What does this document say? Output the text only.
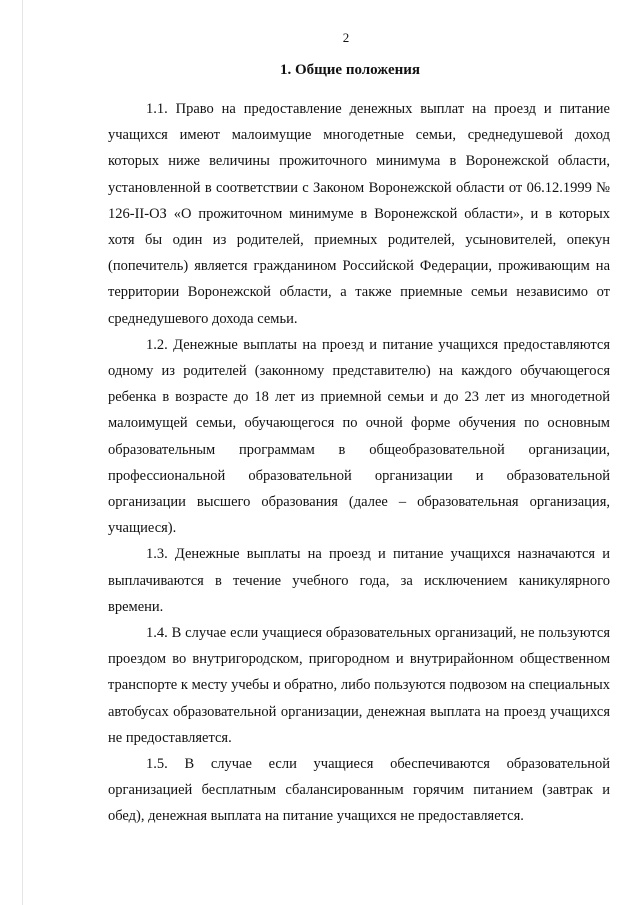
2
1. Общие положения

1.1. Право на предоставление денежных выплат на проезд и питание учащихся имеют малоимущие многодетные семьи, среднедушевой доход которых ниже величины прожиточного минимума в Воронежской области, установленной в соответствии с Законом Воронежской области от 06.12.1999 № 126-II-ОЗ «О прожиточном минимуме в Воронежской области», и в которых хотя бы один из родителей, приемных родителей, усыновителей, опекун (попечитель) является гражданином Российской Федерации, проживающим на территории Воронежской области, а также приемные семьи независимо от среднедушевого дохода семьи.

1.2. Денежные выплаты на проезд и питание учащихся предоставляются одному из родителей (законному представителю) на каждого обучающегося ребенка в возрасте до 18 лет из приемной семьи и до 23 лет из многодетной малоимущей семьи, обучающегося по очной форме обучения по основным образовательным программам в общеобразовательной организации, профессиональной образовательной организации и образовательной организации высшего образования (далее – образовательная организация, учащиеся).

1.3. Денежные выплаты на проезд и питание учащихся назначаются и выплачиваются в течение учебного года, за исключением каникулярного времени.

1.4. В случае если учащиеся образовательных организаций, не пользуются проездом во внутригородском, пригородном и внутрирайонном общественном транспорте к месту учебы и обратно, либо пользуются подвозом на специальных автобусах образовательной организации, денежная выплата на проезд учащихся не предоставляется.

1.5. В случае если учащиеся обеспечиваются образовательной организацией бесплатным сбалансированным горячим питанием (завтрак и обед), денежная выплата на питание учащихся не предоставляется.
